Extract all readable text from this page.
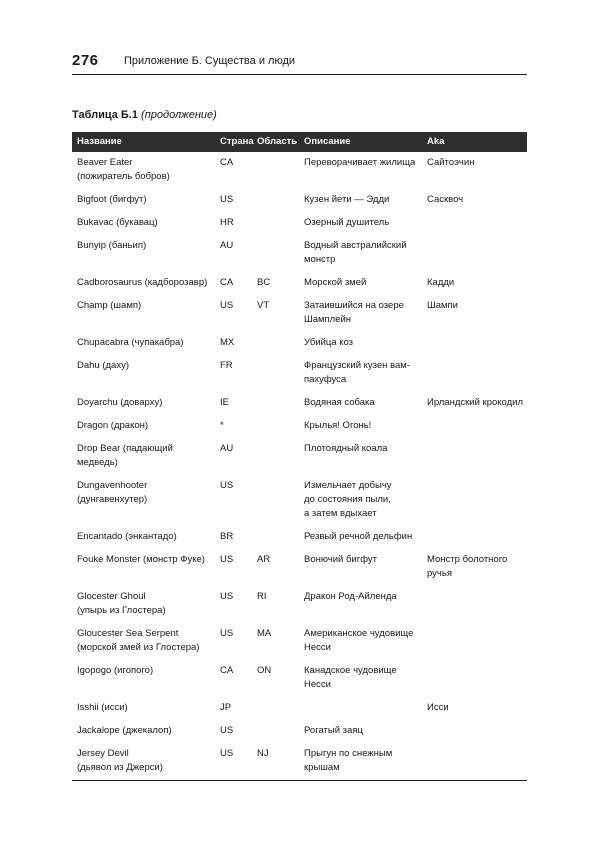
276 Приложение Б. Существа и люди
Таблица Б.1 (продолжение)
Название	Страна	Область	Описание	Aka
Beaver Eater
(пожиратель бобров)	CA		Переворачивает жилища	Сайтоэчин
Bigfoot (бигфут)	US		Кузен йети — Эдди	Сасквоч
Bukavac (букавац)	HR		Озерный душитель	
Bunyip (баньип)	AU		Водный австралийский
монстр	
Cadborosaurus (кадборозавр)	CA	BC	Морской змей	Кадди
Champ (шамп)	US	VT	Затаившийся на озере
Шамплейн	Шампи
Chupacabra (чупакабра)	MX		Убийца коз	
Dahu (даху)	FR		Французский кузен вам-
пахуфуса	
Doyarchu (доварху)	IE		Водяная собака	Ирландский крокодил
Dragon (дракон)	*		Крылья! Огонь!	
Drop Bear (падающий медведь)	AU		Плотоядный коала	
Dungavenhooter
(дунгавенхутер)	US		Измельчает добычу
до состояния пыли,
а затем вдыхает	
Encantado (энкантадо)	BR		Резвый речной дельфин	
Fouke Monster (монстр Фуке)	US	AR	Вонючий бигфут	Монстр болотного
ручья
Glocester Ghoul
(упырь из Глостера)	US	RI	Дракон Род-Айленда	
Gloucester Sea Serpent
(морской змей из Глостера)	US	MA	Американское чудовище
Несси	
Igopogo (игопого)	CA	ON	Канадское чудовище Несси	
Isshii (исси)	JP			Исси
Jackalope (джекалоп)	US		Рогатый заяц	
Jersey Devil
(дьявол из Джерси)	US	NJ	Прыгун по снежным
крышам	
